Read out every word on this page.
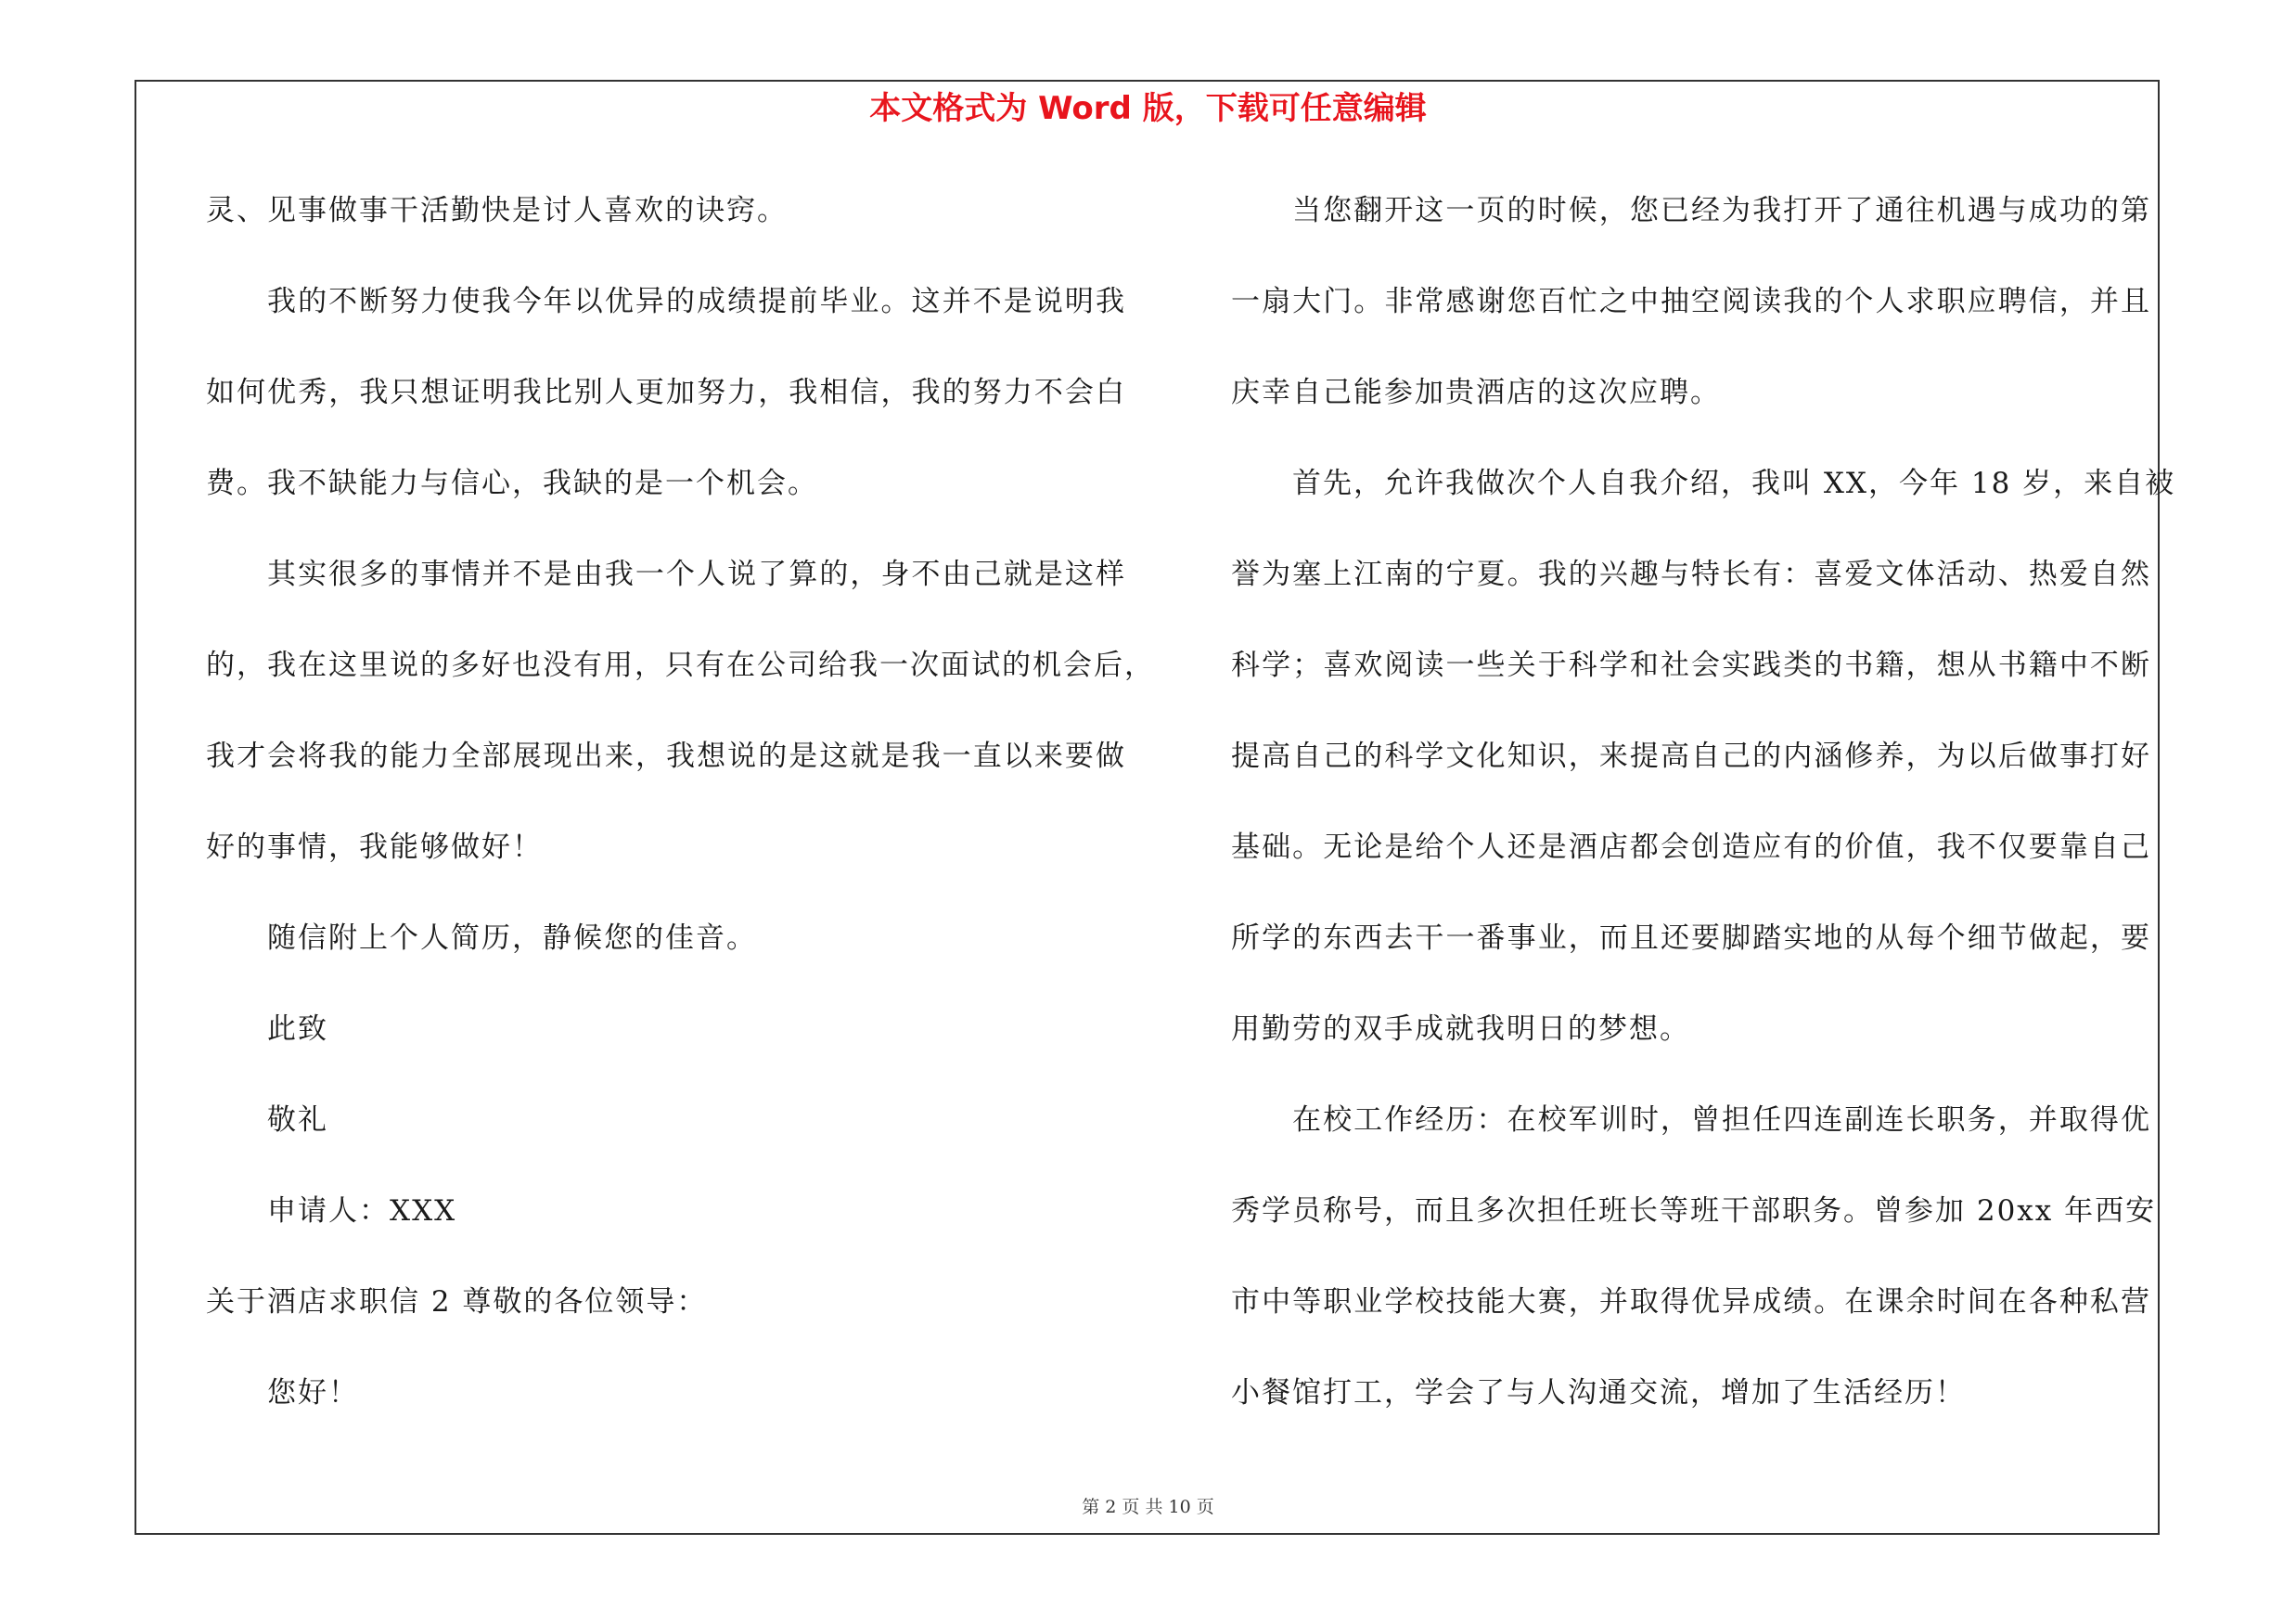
本文格式为 Word 版，下载可任意编辑
灵、见事做事干活勤快是讨人喜欢的诀窍。
我的不断努力使我今年以优异的成绩提前毕业。这并不是说明我
如何优秀，我只想证明我比别人更加努力，我相信，我的努力不会白
费。我不缺能力与信心，我缺的是一个机会。
其实很多的事情并不是由我一个人说了算的，身不由己就是这样
的，我在这里说的多好也没有用，只有在公司给我一次面试的机会后，
我才会将我的能力全部展现出来，我想说的是这就是我一直以来要做
好的事情，我能够做好！
随信附上个人简历，静候您的佳音。
此致
敬礼
申请人：XXX
关于酒店求职信 2 尊敬的各位领导：
您好！
当您翻开这一页的时候，您已经为我打开了通往机遇与成功的第
一扇大门。非常感谢您百忙之中抽空阅读我的个人求职应聘信，并且
庆幸自己能参加贵酒店的这次应聘。
首先，允许我做次个人自我介绍，我叫 XX，今年 18 岁，来自被
誉为塞上江南的宁夏。我的兴趣与特长有：喜爱文体活动、热爱自然
科学；喜欢阅读一些关于科学和社会实践类的书籍，想从书籍中不断
提高自己的科学文化知识，来提高自己的内涵修养，为以后做事打好
基础。无论是给个人还是酒店都会创造应有的价值，我不仅要靠自己
所学的东西去干一番事业，而且还要脚踏实地的从每个细节做起，要
用勤劳的双手成就我明日的梦想。
在校工作经历：在校军训时，曾担任四连副连长职务，并取得优
秀学员称号，而且多次担任班长等班干部职务。曾参加 20xx 年西安
市中等职业学校技能大赛，并取得优异成绩。在课余时间在各种私营
小餐馆打工，学会了与人沟通交流，增加了生活经历！
第 2 页 共 10 页
